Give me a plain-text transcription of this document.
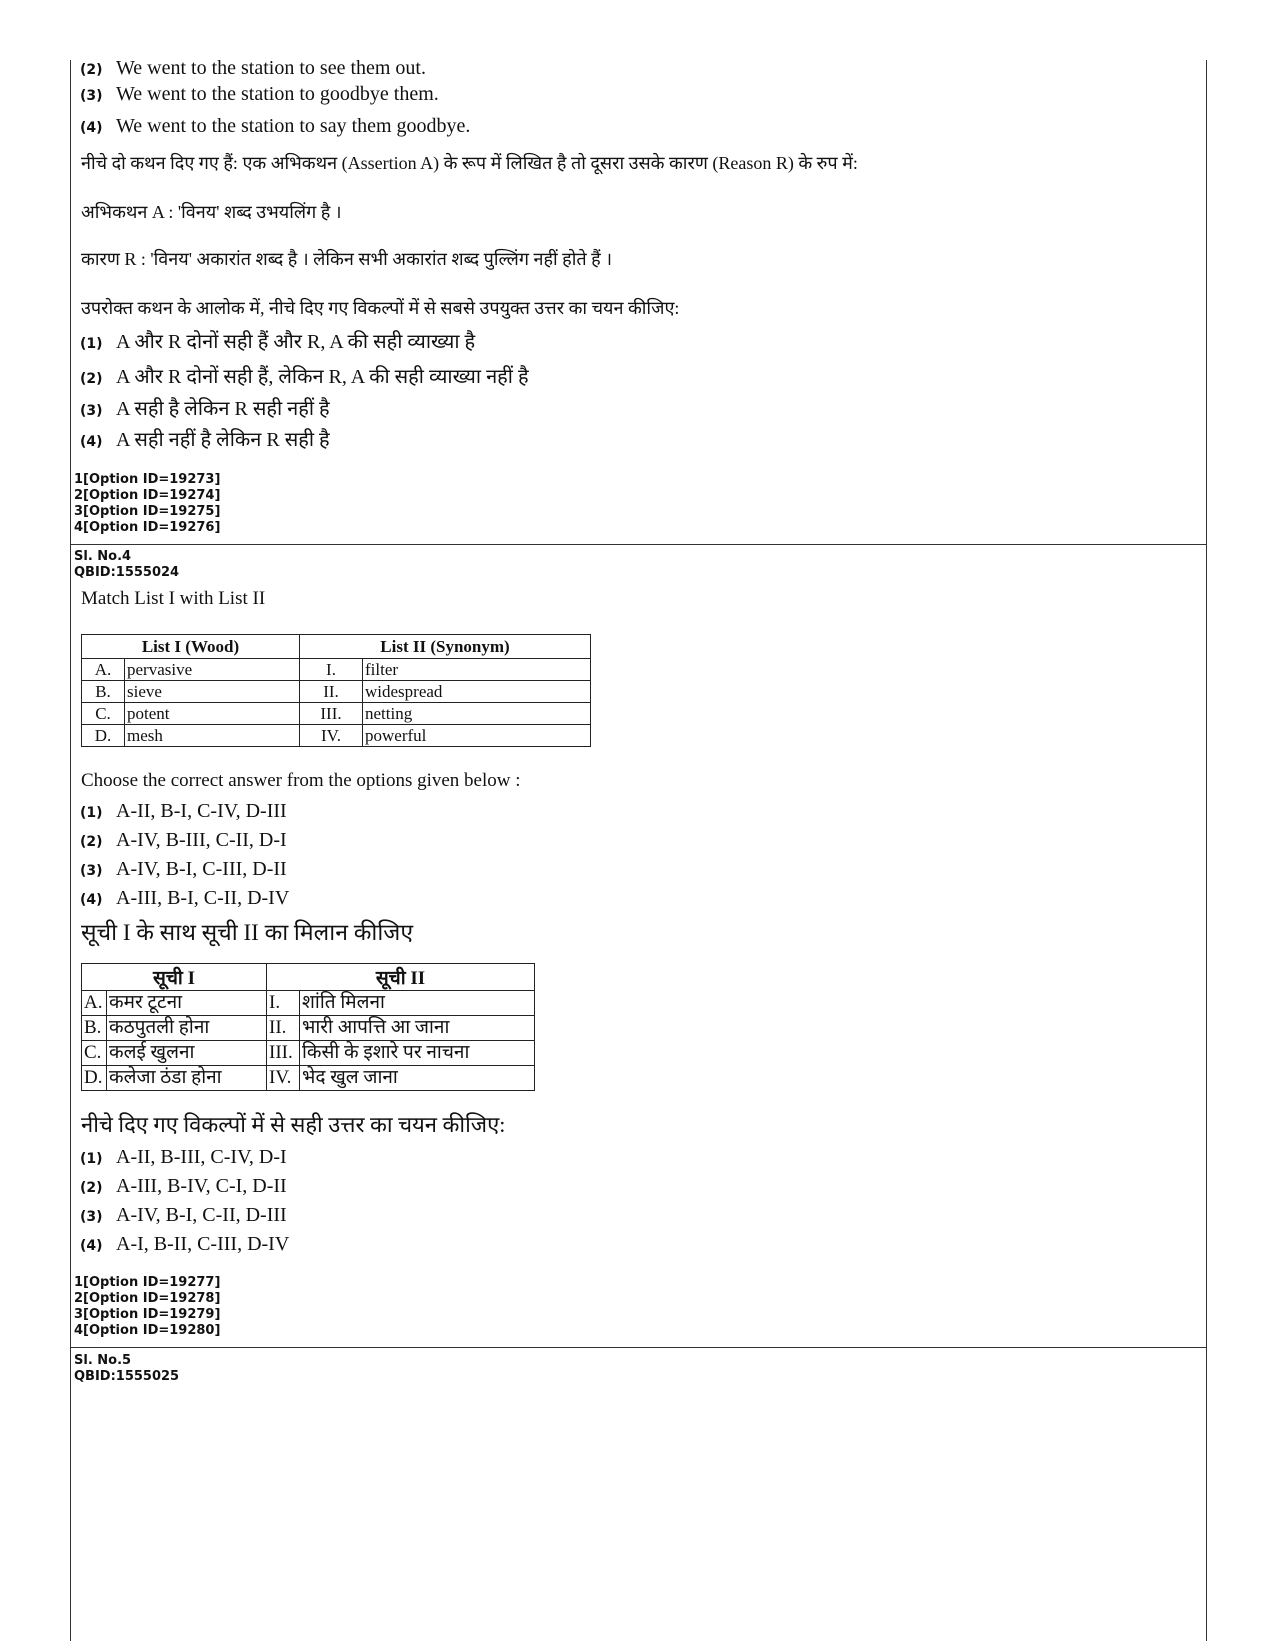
(2) We went to the station to see them out.
(3) We went to the station to goodbye them.
(4) We went to the station to say them goodbye.
नीचे दो कथन दिए गए हैं: एक अभिकथन (Assertion A) के रूप में लिखित है तो दूसरा उसके कारण (Reason R) के रुप में:
अभिकथन A : 'विनय' शब्द उभयलिंग है ।
कारण R : 'विनय' अकारांत शब्द है । लेकिन सभी अकारांत शब्द पुल्लिंग नहीं होते हैं ।
उपरोक्त कथन के आलोक में, नीचे दिए गए विकल्पों में से सबसे उपयुक्त उत्तर का चयन कीजिए:
(1) A और R दोनों सही हैं और R, A की सही व्याख्या है
(2) A और R दोनों सही हैं, लेकिन R, A की सही व्याख्या नहीं है
(3) A सही है लेकिन R सही नहीं है
(4) A सही नहीं है लेकिन R सही है
1[Option ID=19273]
2[Option ID=19274]
3[Option ID=19275]
4[Option ID=19276]
Sl. No.4
QBID:1555024
Match List I with List II
List I (Wood)		List II (Synonym)	
A.	pervasive	I.	filter
B.	sieve	II.	widespread
C.	potent	III.	netting
D.	mesh	IV.	powerful
Choose the correct answer from the options given below :
(1) A-II, B-I, C-IV, D-III
(2) A-IV, B-III, C-II, D-I
(3) A-IV, B-I, C-III, D-II
(4) A-III, B-I, C-II, D-IV
सूची I के साथ सूची II का मिलान कीजिए
सूची I		सूची II	
A.	कमर टूटना	I.	शांति मिलना
B.	कठपुतली होना	II.	भारी आपत्ति आ जाना
C.	कलई खुलना	III.	किसी के इशारे पर नाचना
D.	कलेजा ठंडा होना	IV.	भेद खुल जाना
नीचे दिए गए विकल्पों में से सही उत्तर का चयन कीजिए:
(1) A-II, B-III, C-IV, D-I
(2) A-III, B-IV, C-I, D-II
(3) A-IV, B-I, C-II, D-III
(4) A-I, B-II, C-III, D-IV
1[Option ID=19277]
2[Option ID=19278]
3[Option ID=19279]
4[Option ID=19280]
Sl. No.5
QBID:1555025
